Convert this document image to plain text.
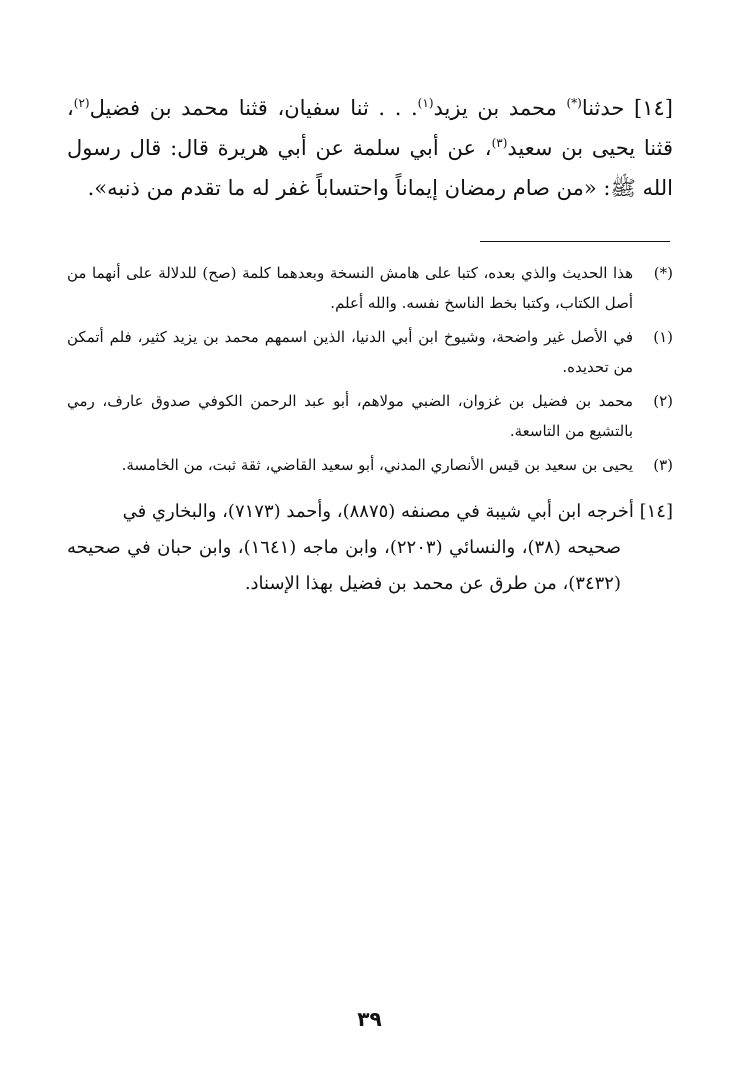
[١٤] حدثنا(*) محمد بن يزيد$^{(١)}$. . . ثنا سفيان، قثنا محمد بن فضيل$^{(٢)}$، قثنا يحيى بن سعيد$^{(٣)}$، عن أبي سلمة عن أبي هريرة قال: قال رسول الله ﷺ: «من صام رمضان إيماناً واحتساباً غفر له ما تقدم من ذنبه».

(*)
هذا الحديث والذي بعده، كتبا على هامش النسخة وبعدهما كلمة (صح) للدلالة على أنهما من أصل الكتاب، وكتبا بخط الناسخ نفسه. والله أعلم.
(١)
في الأصل غير واضحة، وشيوخ ابن أبي الدنيا، الذين اسمهم محمد بن يزيد كثير، فلم أتمكن من تحديده.
(٢)
محمد بن فضيل بن غزوان، الضبي مولاهم، أبو عبد الرحمن الكوفي صدوق عارف، رمي بالتشيع من التاسعة.
(٣)
يحيى بن سعيد بن قيس الأنصاري المدني، أبو سعيد القاضي، ثقة ثبت، من الخامسة.
[١٤] أخرجه ابن أبي شيبة في مصنفه (٨٨٧٥)، وأحمد (٧١٧٣)، والبخاري في
صحيحه (٣٨)، والنسائي (٢٢٠٣)، وابن ماجه (١٦٤١)، وابن حبان في صحيحه (٣٤٣٢)، من طرق عن محمد بن فضيل بهذا الإسناد.
٣٩
